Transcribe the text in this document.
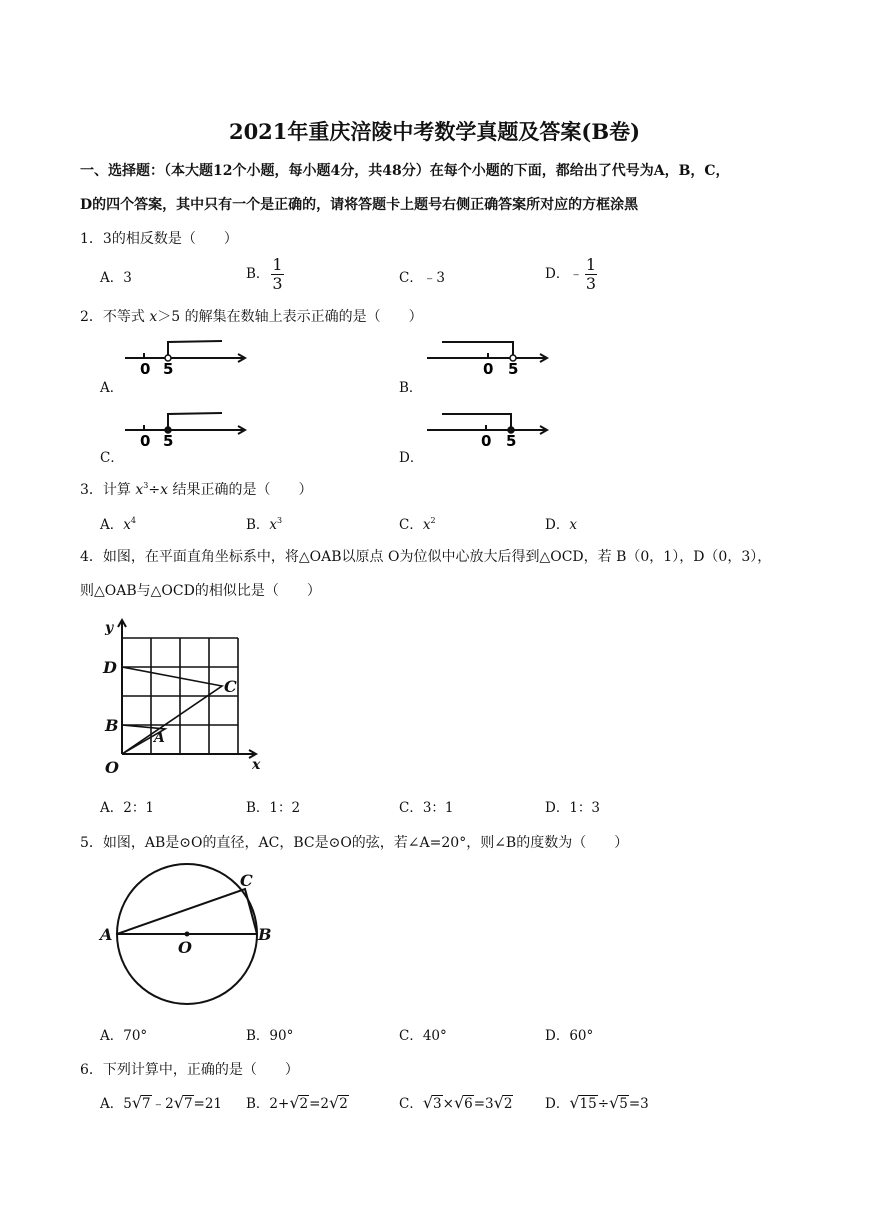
2021年重庆涪陵中考数学真题及答案(B卷)
一、选择题：（本大题12个小题，每小题4分，共48分）在每个小题的下面，都给出了代号为A，B，C，
D的四个答案，其中只有一个是正确的，请将答题卡上题号右侧正确答案所对应的方框涂黑
1．3的相反数是（　　）
A．3	B． $\frac{1}{3}$	C．﹣3	D．﹣ $\frac{1}{3}$
2．不等式 x＞5 的解集在数轴上表示正确的是（　　）
A．
0 5
B．
0 5
C．
0 5
D．
0 5
3．计算 $x^3\div x$ 结果正确的是（　　）
A．$x^4$	B．$x^3$	C．$x^2$	D．x
4．如图，在平面直角坐标系中，将△OAB以原点 O为位似中心放大后得到△OCD，若 B（0，1），D（0，3），
则△OAB与△OCD的相似比是（　　）
y
x
D
C
B
A
O
A．2：1	B．1：2	C．3：1	D．1：3
5．如图，AB是⊙O的直径，AC，BC是⊙O的弦，若∠A=20°，则∠B的度数为（　　）
A	B
C
O
A．70°	B．90°	C．40°	D．60°
6．下列计算中，正确的是（　　）
A．5√7﹣2√7=21 B．2+√2=2√2	C．√3×√6=3√2 D．√15÷√5=3
